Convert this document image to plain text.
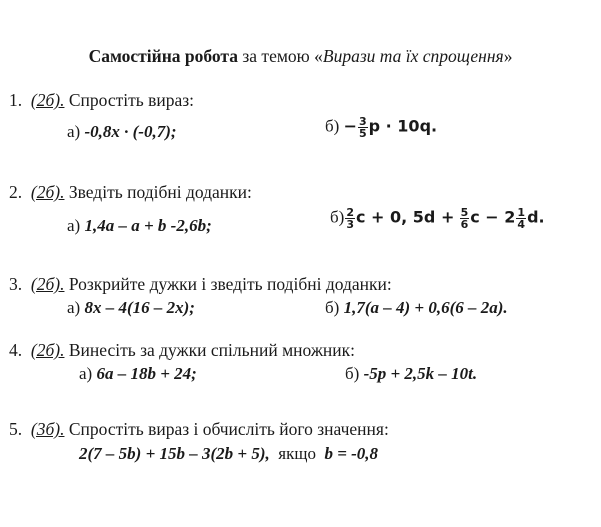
Самостійна робота за темою «Вирази та їх спрощення»
1. (2б). Спростіть вираз:
а) -0,8x · (-0,7);	$б) - \frac{3}{5}$ p · 10q.
2. (2б). Зведіть подібні доданки:
а) 1,4a – a + b -2,6b;	$б) \frac{2}{3}$ c + 0, $5d + \frac{5}{6}$ $c - 2 \frac{1}{4} d$.
3. (2б). Розкрийте дужки і зведіть подібні доданки:
а) 8x – 4(16 – 2x);	б) 1,7(a – 4) + 0,6(6 – 2a).
4. (2б). Винесіть за дужки спільний множник:
а) 6a – 18b + 24;	б) -5p + 2,5k – 10t.
5. (3б). Спростіть вираз і обчисліть його значення:
2(7 – 5b) + 15b – 3(2b + 5), якщо b = -0,8
